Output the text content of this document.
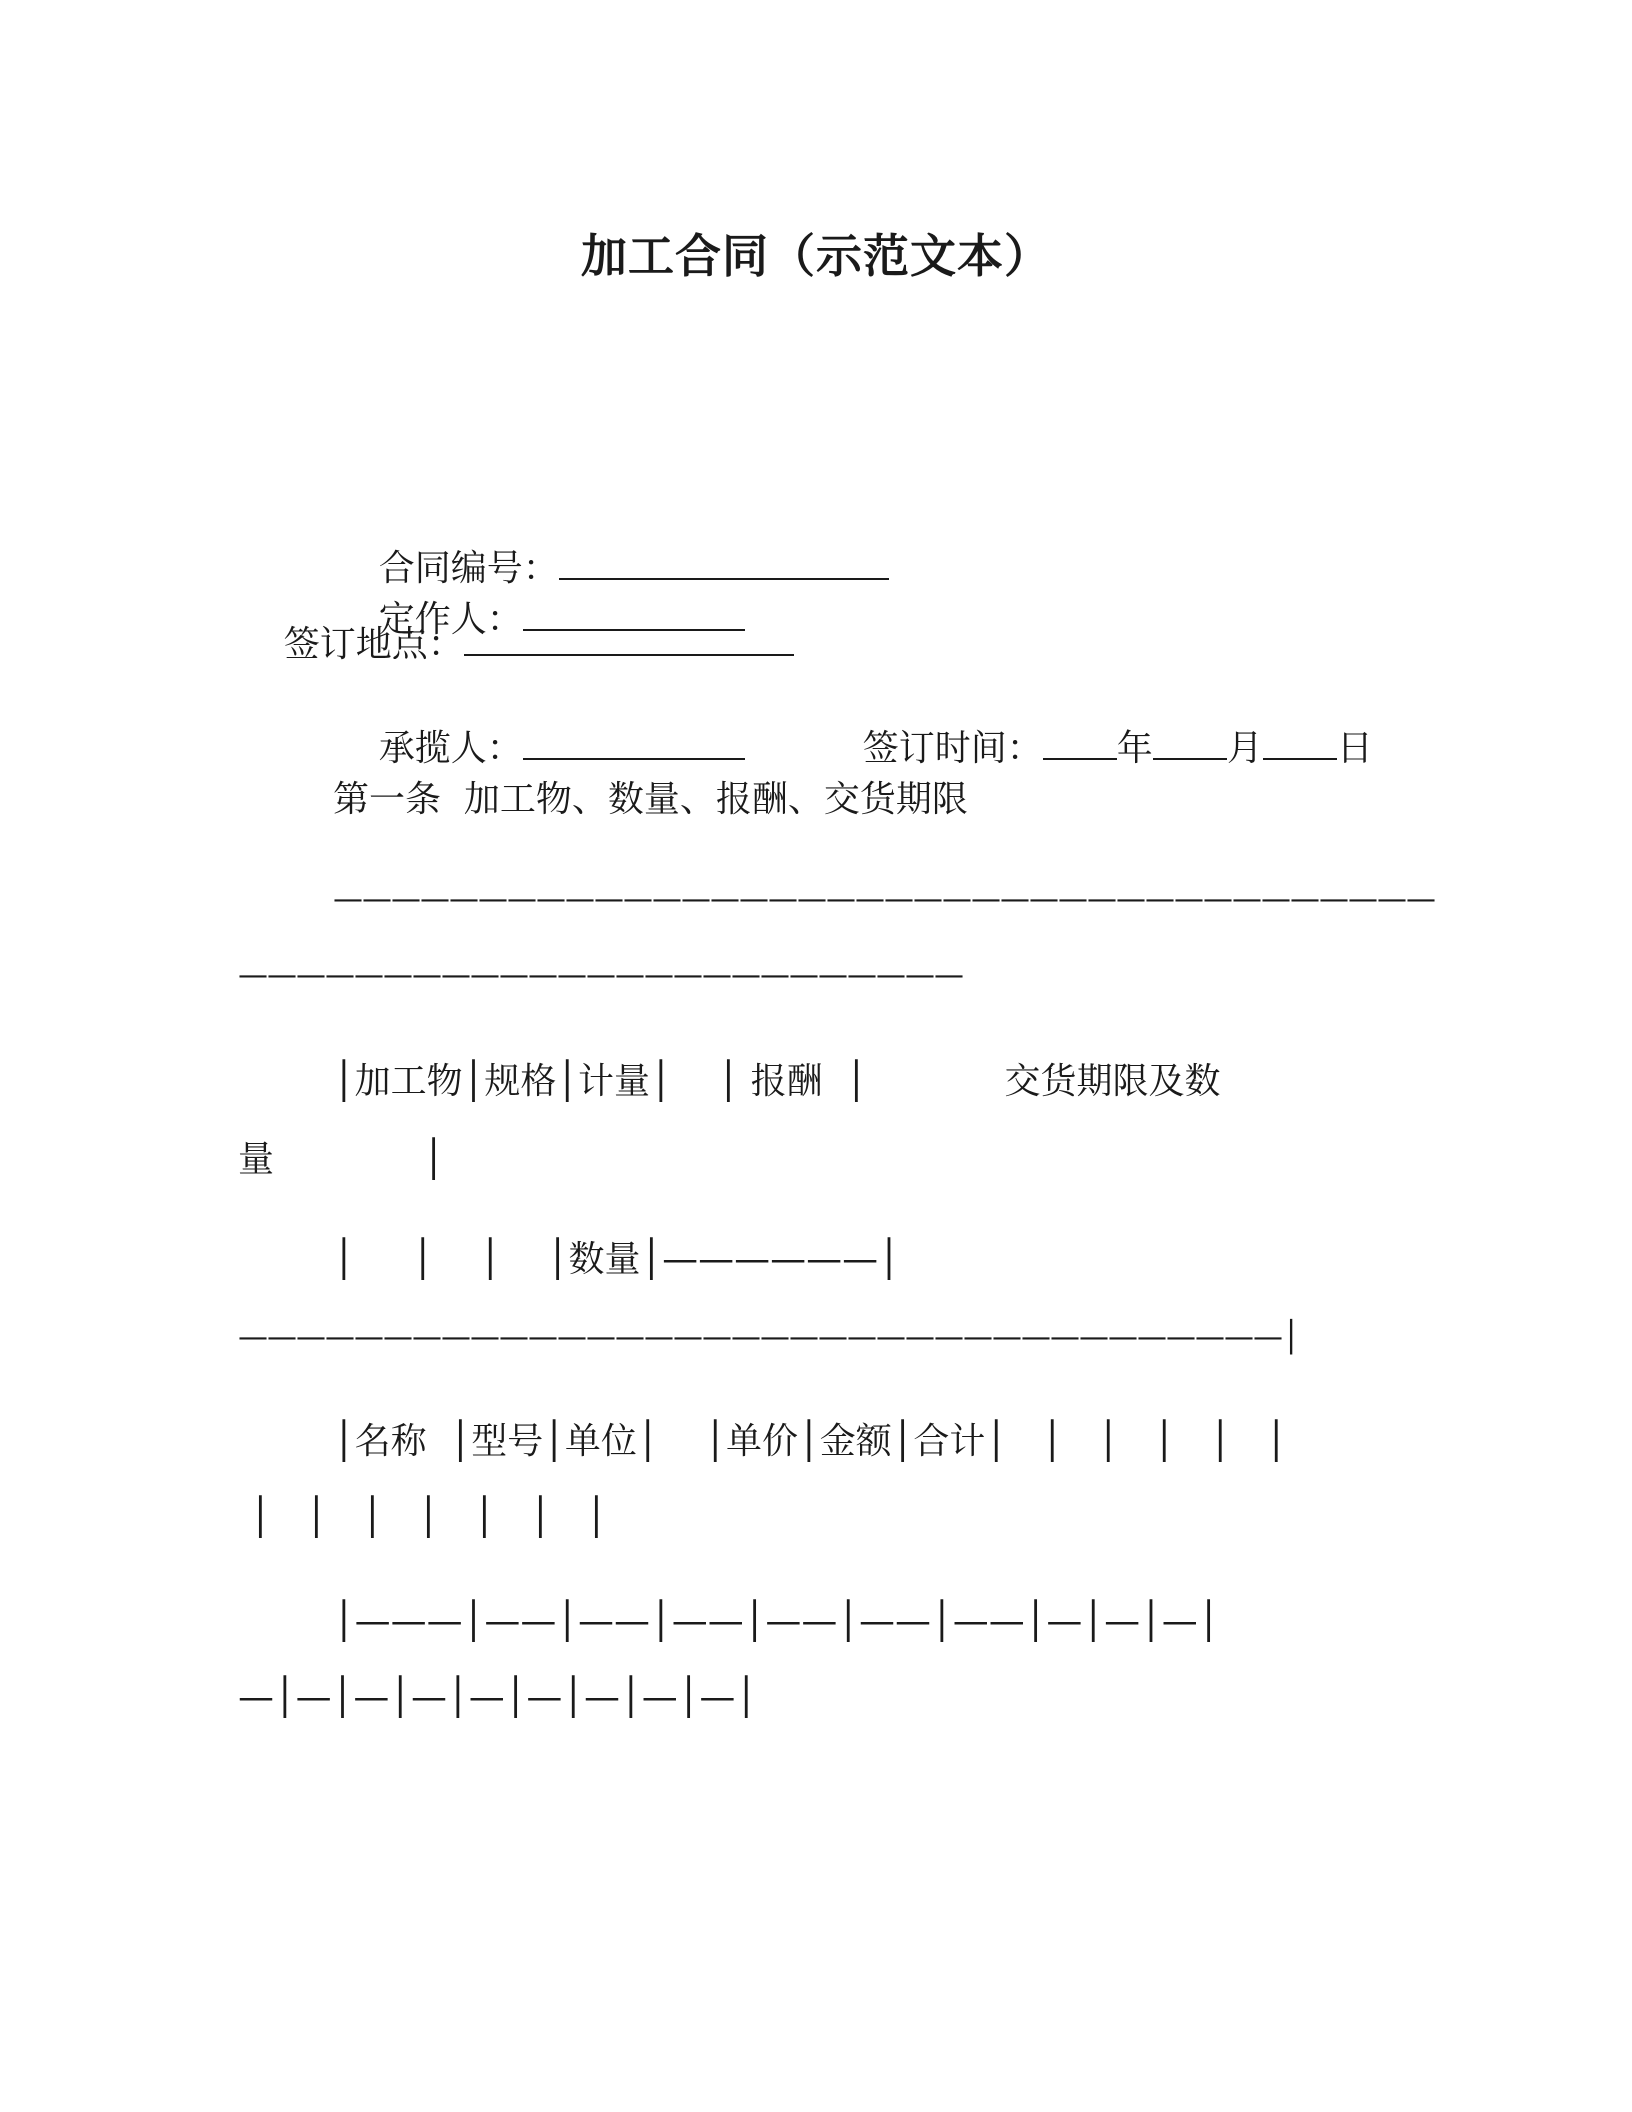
加工合同（示范文本）

合同编号：
定作人：

签订地点：

承揽人：
	签订时间： 年 月 日

第一条  加工物、数量、报酬、交货期限
——————————————————————————————————————
—————————————————————————
│加工物│规格│计量│    │ 报酬  │            交货期限及数
量             │
│     │    │    │数量│——————│
————————————————————————————————————│
│名称  │型号│单位│    │单价│金额│合计│   │   │   │   │   │
│   │   │   │   │   │   │
│———│——│——│——│——│——│——│—│—│—│
—│—│—│—│—│—│—│—│—│
